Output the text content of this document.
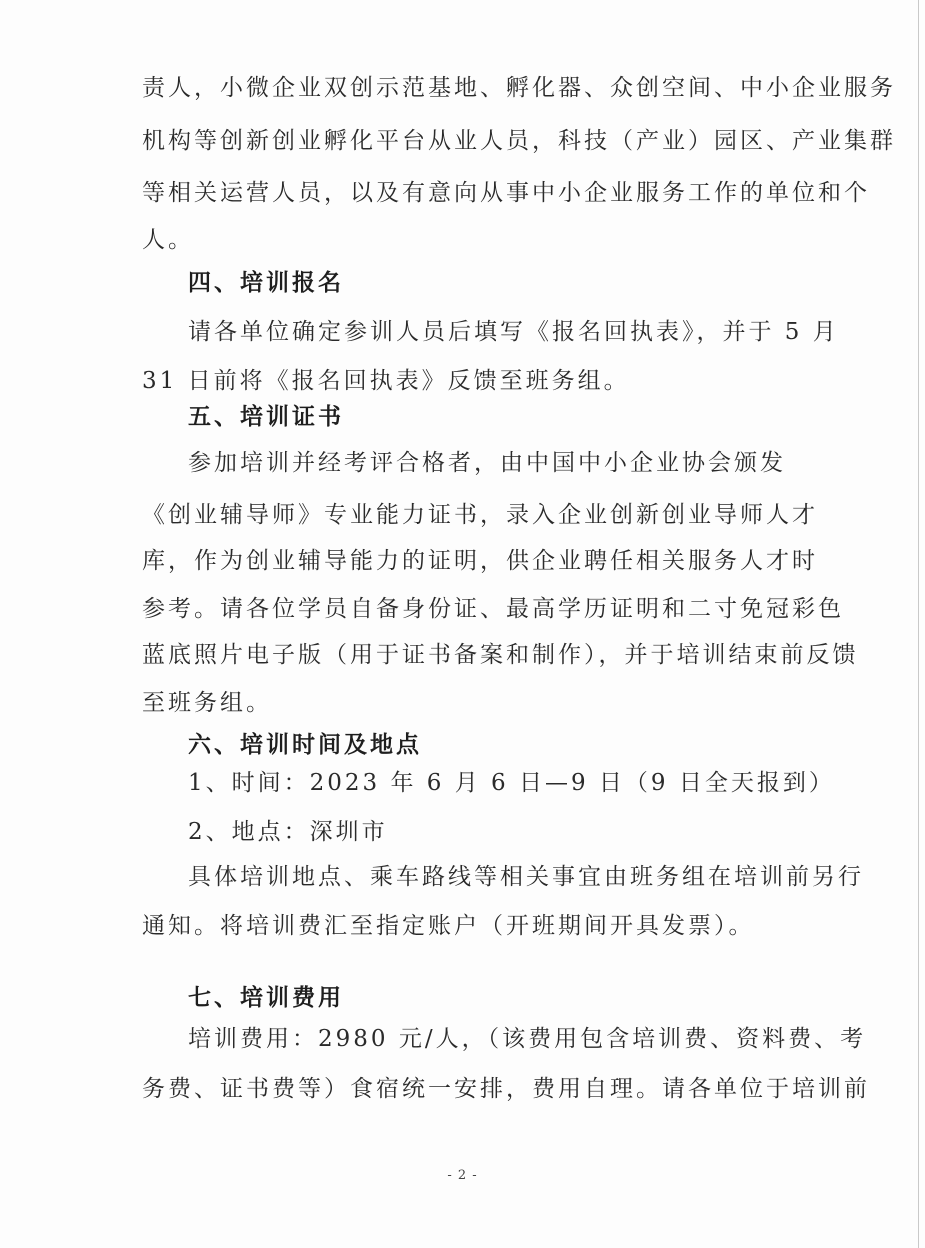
责人，小微企业双创示范基地、孵化器、众创空间、中小企业服务
机构等创新创业孵化平台从业人员，科技（产业）园区、产业集群
等相关运营人员，以及有意向从事中小企业服务工作的单位和个
人。
四、培训报名
请各单位确定参训人员后填写《报名回执表》，并于 5 月
31 日前将《报名回执表》反馈至班务组。
五、培训证书
参加培训并经考评合格者，由中国中小企业协会颁发
《创业辅导师》专业能力证书，录入企业创新创业导师人才
库，作为创业辅导能力的证明，供企业聘任相关服务人才时
参考。请各位学员自备身份证、最高学历证明和二寸免冠彩色
蓝底照片电子版（用于证书备案和制作），并于培训结束前反馈
至班务组。
六、培训时间及地点
1、时间：2023 年 6 月 6 日—9 日（9 日全天报到）
2、地点：深圳市
具体培训地点、乘车路线等相关事宜由班务组在培训前另行
通知。将培训费汇至指定账户（开班期间开具发票）。
七、培训费用
培训费用：2980 元/人，（该费用包含培训费、资料费、考
务费、证书费等）食宿统一安排，费用自理。请各单位于培训前
- 2 -
